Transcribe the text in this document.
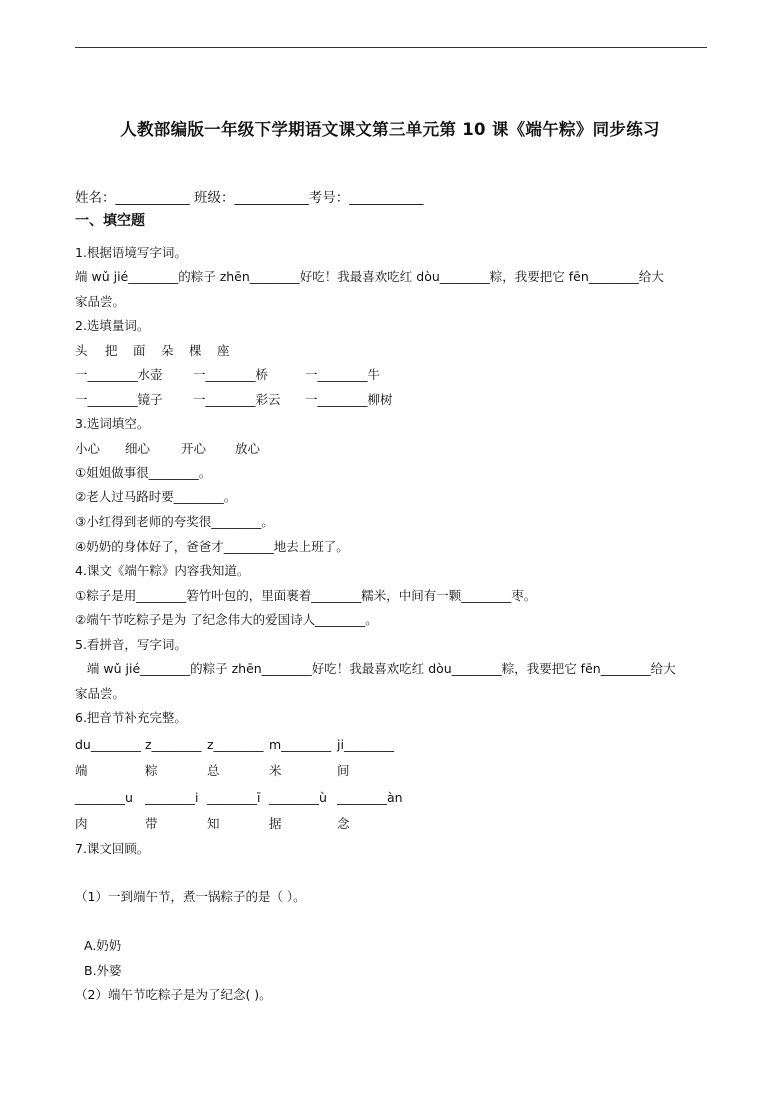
人教部编版一年级下学期语文课文第三单元第 10 课《端午粽》同步练习
姓名：___________ 班级：___________考号：___________
一、填空题
1.根据语境写字词。
端 wǔ jié________的粽子 zhēn________好吃！我最喜欢吃红 dòu________粽，我要把它 fēn________给大
家品尝。
2.选填量词。
头	把	面	朵	棵	座
一________水壶	一________桥	一________牛
一________镜子	一________彩云	一________柳树
3.选词填空。
小心	细心	开心	放心
①姐姐做事很________。
②老人过马路时要________。
③小红得到老师的夸奖很________。
④奶奶的身体好了，爸爸才________地去上班了。
4.课文《端午粽》内容我知道。
①粽子是用________箬竹叶包的，里面裹着________糯米，中间有一颗________枣。
②端午节吃粽子是为 了纪念伟大的爱国诗人________。
5.看拼音，写字词。
端 wǔ jié________的粽子 zhēn________好吃！我最喜欢吃红 dòu________粽，我要把它 fēn________给大
家品尝。
6.把音节补充完整。
du________ z________ z________ m________ ji________
端	粽	总	米	间
________u ________i ________ī ________ù ________àn
肉	带	知	据	念
7.课文回顾。
（1）一到端午节，煮一锅粽子的是（ ）。
A.奶奶
B.外婆
（2）端午节吃粽子是为了纪念( )。
